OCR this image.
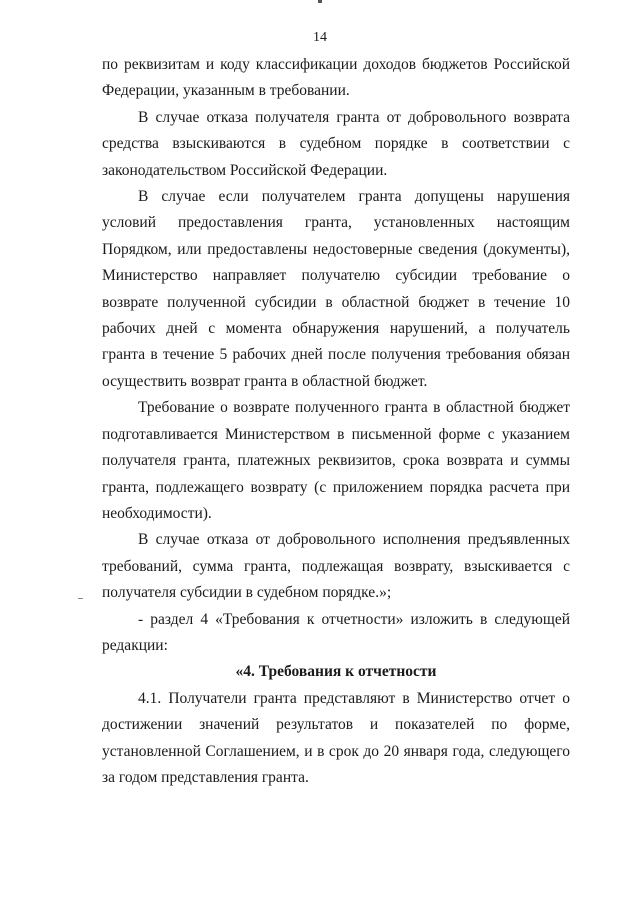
14

по реквизитам и коду классификации доходов бюджетов Российской Федерации, указанным в требовании.

В случае отказа получателя гранта от добровольного возврата средства взыскиваются в судебном порядке в соответствии с законодательством Российской Федерации.

В случае если получателем гранта допущены нарушения условий предоставления гранта, установленных настоящим Порядком, или предоставлены недостоверные сведения (документы), Министерство направляет получателю субсидии требование о возврате полученной субсидии в областной бюджет в течение 10 рабочих дней с момента обнаружения нарушений, а получатель гранта в течение 5 рабочих дней после получения требования обязан осуществить возврат гранта в областной бюджет.

Требование о возврате полученного гранта в областной бюджет подготавливается Министерством в письменной форме с указанием получателя гранта, платежных реквизитов, срока возврата и суммы гранта, подлежащего возврату (с приложением порядка расчета при необходимости).

В случае отказа от добровольного исполнения предъявленных требований, сумма гранта, подлежащая возврату, взыскивается с получателя субсидии в судебном порядке.»;

- раздел 4 «Требования к отчетности» изложить в следующей редакции:

«4. Требования к отчетности

4.1. Получатели гранта представляют в Министерство отчет о достижении значений результатов и показателей по форме, установленной Соглашением, и в срок до 20 января года, следующего за годом представления гранта.
